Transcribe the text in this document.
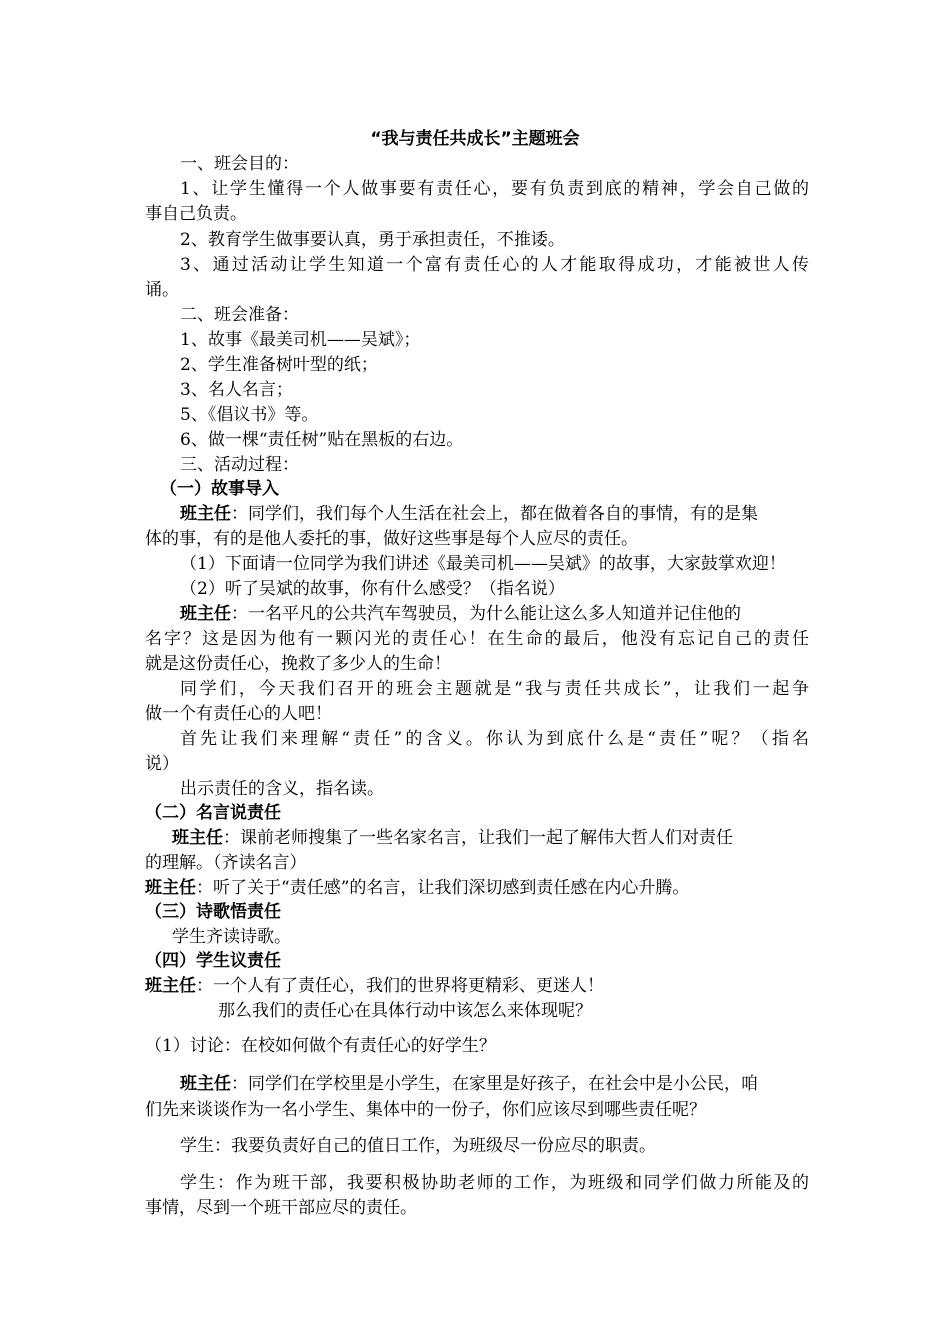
“我与责任共成长”主题班会
一、班会目的：
1、让学生懂得一个人做事要有责任心，要有负责到底的精神，学会自己做的
事自己负责。
2、教育学生做事要认真，勇于承担责任，不推诿。
3、通过活动让学生知道一个富有责任心的人才能取得成功，才能被世人传
诵。
二、班会准备：
1、故事《最美司机——吴斌》；
2、学生准备树叶型的纸；
3、名人名言；
5、《倡议书》等。
6、做一棵“责任树”贴在黑板的右边。
三、活动过程：
（一）故事导入
班主任：同学们，我们每个人生活在社会上，都在做着各自的事情，有的是集
体的事，有的是他人委托的事，做好这些事是每个人应尽的责任。
（1）下面请一位同学为我们讲述《最美司机——吴斌》的故事，大家鼓掌欢迎！
（2）听了吴斌的故事，你有什么感受？（指名说）
班主任：一名平凡的公共汽车驾驶员，为什么能让这么多人知道并记住他的
名字？这是因为他有一颗闪光的责任心！在生命的最后，他没有忘记自己的责任
就是这份责任心，挽救了多少人的生命！
同学们，今天我们召开的班会主题就是“我与责任共成长”，让我们一起争
做一个有责任心的人吧！
首先让我们来理解“责任”的含义。你认为到底什么是“责任”呢？（指名
说）
出示责任的含义，指名读。
（二）名言说责任
班主任：课前老师搜集了一些名家名言，让我们一起了解伟大哲人们对责任
的理解。（齐读名言）
班主任：听了关于“责任感”的名言，让我们深切感到责任感在内心升腾。
（三）诗歌悟责任
学生齐读诗歌。
（四）学生议责任
班主任：一个人有了责任心，我们的世界将更精彩、更迷人！
那么我们的责任心在具体行动中该怎么来体现呢？
（1）讨论：在校如何做个有责任心的好学生？
班主任：同学们在学校里是小学生，在家里是好孩子，在社会中是小公民，咱
们先来谈谈作为一名小学生、集体中的一份子，你们应该尽到哪些责任呢？
学生：我要负责好自己的值日工作，为班级尽一份应尽的职责。
学生：作为班干部，我要积极协助老师的工作，为班级和同学们做力所能及的
事情，尽到一个班干部应尽的责任。
